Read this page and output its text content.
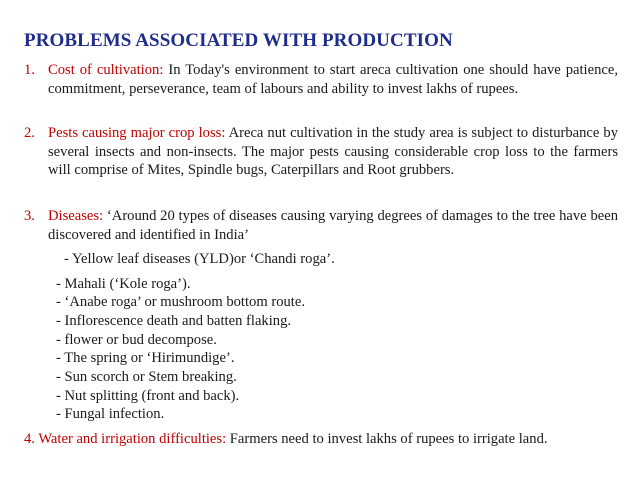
PROBLEMS ASSOCIATED WITH PRODUCTION
1. Cost of cultivation: In Today's environment to start areca cultivation one should have patience, commitment, perseverance, team of labours and ability to invest lakhs of rupees.
2. Pests causing major crop loss: Areca nut cultivation in the study area is subject to disturbance by several insects and non-insects. The major pests causing considerable crop loss to the farmers will comprise of Mites, Spindle bugs, Caterpillars and Root grubbers.
3. Diseases: ‘Around 20 types of diseases causing varying degrees of damages to the tree have been discovered and identified in India’
- Yellow leaf diseases (YLD)or ‘Chandi roga’.
- Mahali (‘Kole roga’).
- ‘Anabe roga’ or mushroom bottom route.
- Inflorescence death and batten flaking.
- flower or bud decompose.
- The spring or ‘Hirimundige’.
- Sun scorch or Stem breaking.
- Nut splitting (front and back).
- Fungal infection.
4. Water and irrigation difficulties: Farmers need to invest lakhs of rupees to irrigate land.
